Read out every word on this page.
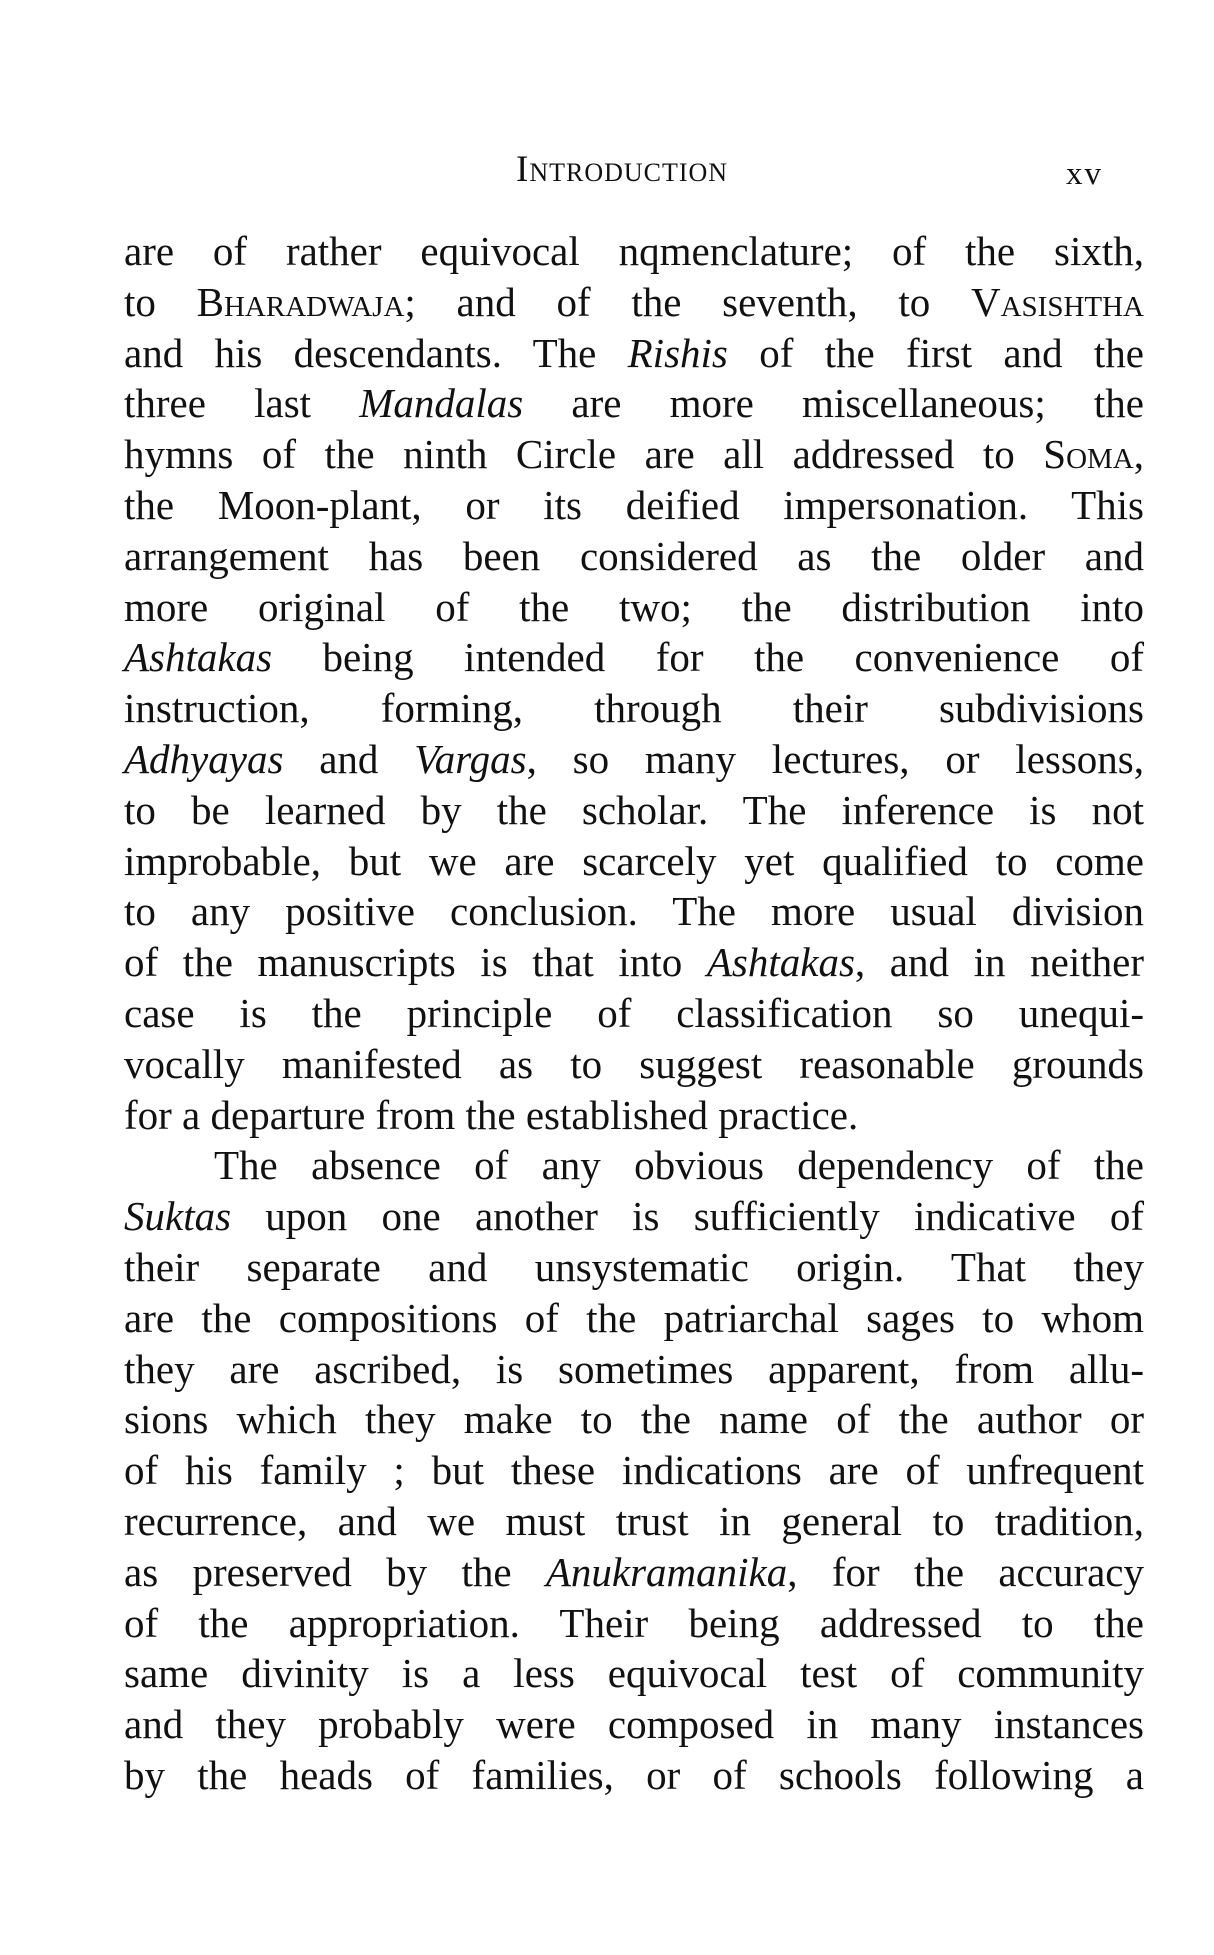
Introduction	xv
are of rather equivocal nqmenclature; of the sixth,
to Bharadwaja; and of the seventh, to Vasishtha
and his descendants. The Rishis of the first and the
three last Mandalas are more miscellaneous; the
hymns of the ninth Circle are all addressed to Soma,
the Moon-plant, or its deified impersonation. This
arrangement has been considered as the older and
more original of the two; the distribution into
Ashtakas being intended for the convenience of
instruction, forming, through their subdivisions
Adhyayas and Vargas, so many lectures, or lessons,
to be learned by the scholar. The inference is not
improbable, but we are scarcely yet qualified to come
to any positive conclusion. The more usual division
of the manuscripts is that into Ashtakas, and in neither
case is the principle of classification so unequi-
vocally manifested as to suggest reasonable grounds
for a departure from the established practice.
The absence of any obvious dependency of the
Suktas upon one another is sufficiently indicative of
their separate and unsystematic origin. That they
are the compositions of the patriarchal sages to whom
they are ascribed, is sometimes apparent, from allu-
sions which they make to the name of the author or
of his family ; but these indications are of unfrequent
recurrence, and we must trust in general to tradition,
as preserved by the Anukramanika, for the accuracy
of the appropriation. Their being addressed to the
same divinity is a less equivocal test of community
and they probably were composed in many instances
by the heads of families, or of schools following a
